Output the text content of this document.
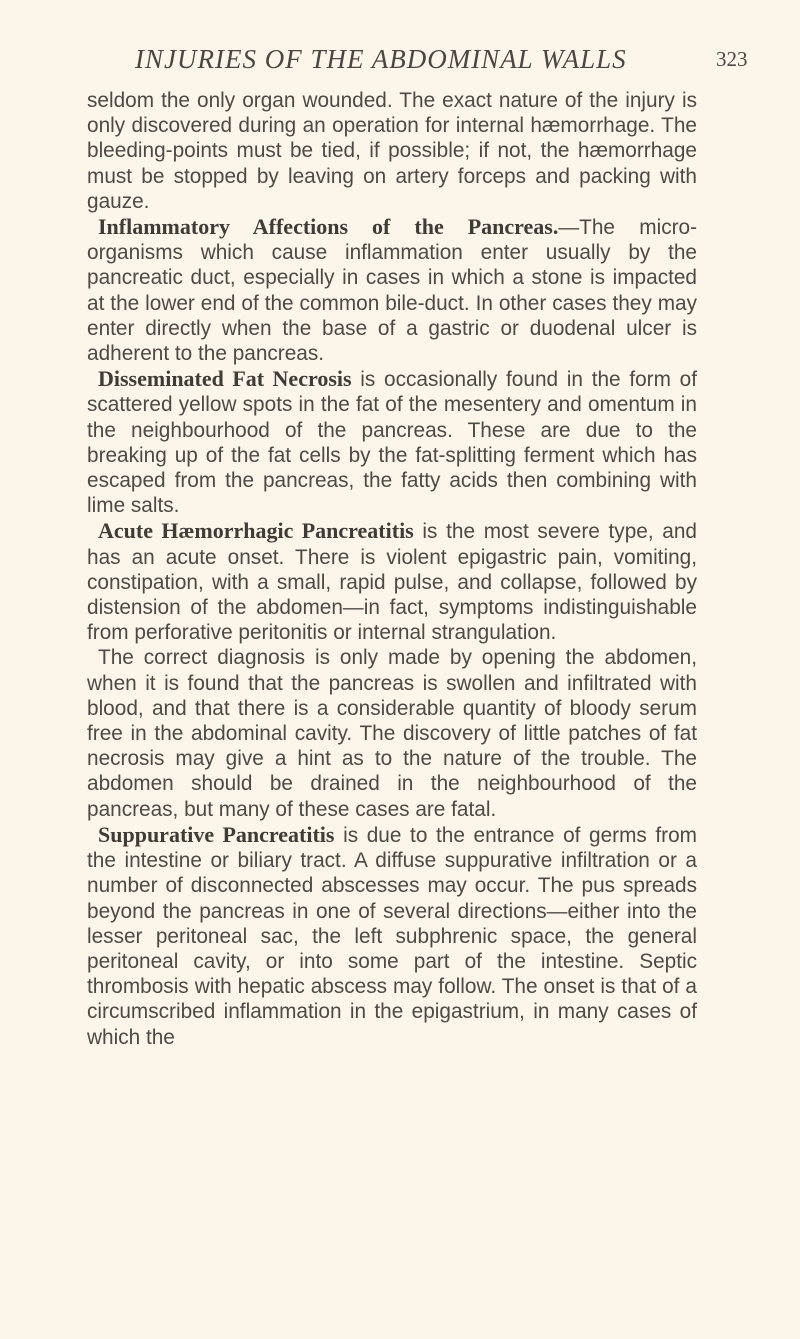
INJURIES OF THE ABDOMINAL WALLS	323

seldom the only organ wounded. The exact nature of the injury is only discovered during an operation for internal hæmorrhage. The bleeding-points must be tied, if possible; if not, the hæmorrhage must be stopped by leaving on artery forceps and packing with gauze.

Inflammatory Affections of the Pancreas.—The micro-organisms which cause inflammation enter usually by the pancreatic duct, especially in cases in which a stone is impacted at the lower end of the common bile-duct. In other cases they may enter directly when the base of a gastric or duodenal ulcer is adherent to the pancreas.

Disseminated Fat Necrosis is occasionally found in the form of scattered yellow spots in the fat of the mesentery and omentum in the neighbourhood of the pancreas. These are due to the breaking up of the fat cells by the fat-splitting ferment which has escaped from the pancreas, the fatty acids then combining with lime salts.

Acute Hæmorrhagic Pancreatitis is the most severe type, and has an acute onset. There is violent epigastric pain, vomiting, constipation, with a small, rapid pulse, and collapse, followed by distension of the abdomen—in fact, symptoms indistinguishable from perforative peritonitis or internal strangulation.

The correct diagnosis is only made by opening the abdomen, when it is found that the pancreas is swollen and infiltrated with blood, and that there is a considerable quantity of bloody serum free in the abdominal cavity. The discovery of little patches of fat necrosis may give a hint as to the nature of the trouble. The abdomen should be drained in the neighbourhood of the pancreas, but many of these cases are fatal.

Suppurative Pancreatitis is due to the entrance of germs from the intestine or biliary tract. A diffuse suppurative infiltration or a number of disconnected abscesses may occur. The pus spreads beyond the pancreas in one of several directions—either into the lesser peritoneal sac, the left subphrenic space, the general peritoneal cavity, or into some part of the intestine. Septic thrombosis with hepatic abscess may follow. The onset is that of a circumscribed inflammation in the epigastrium, in many cases of which the
